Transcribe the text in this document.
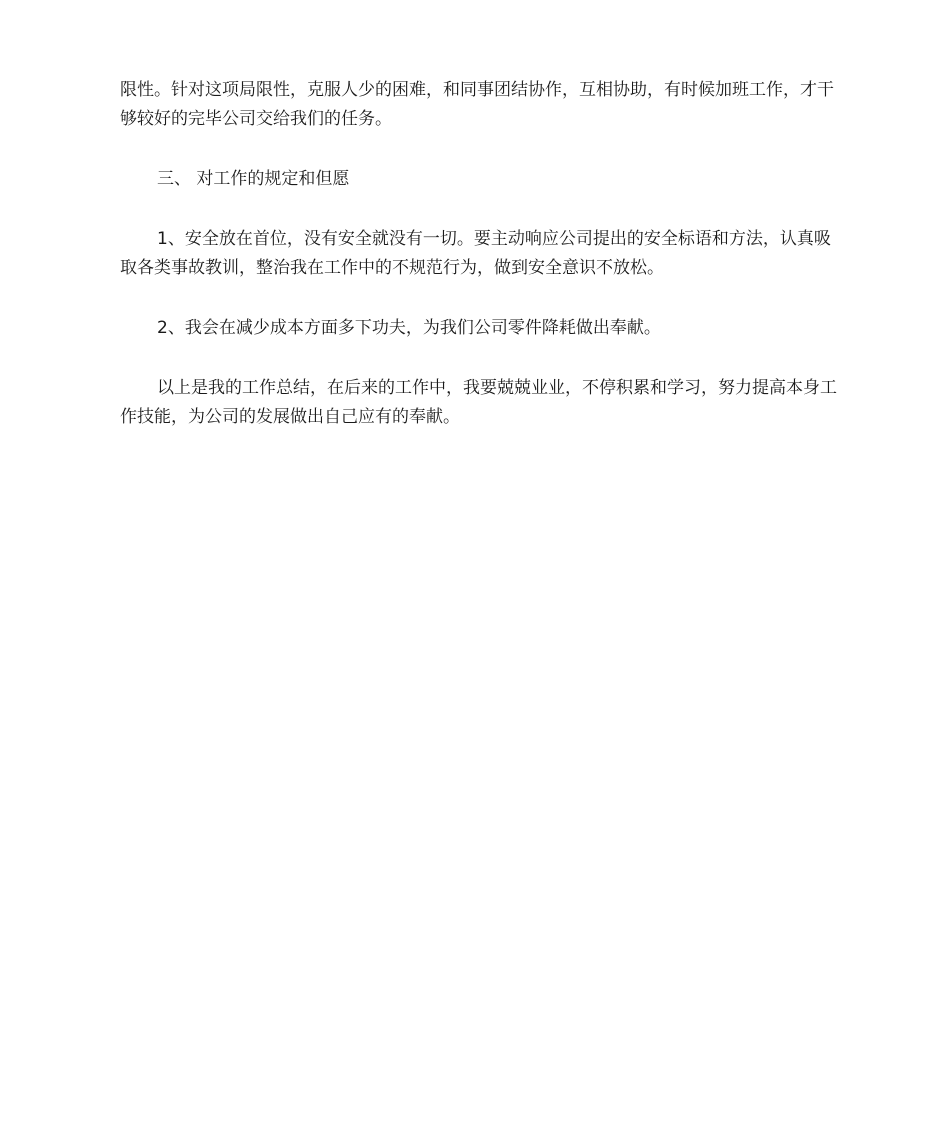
限性。针对这项局限性，克服人少的困难，和同事团结协作，互相协助，有时候加班工作，才干够较好的完毕公司交给我们的任务。

三、 对工作的规定和但愿

1、安全放在首位，没有安全就没有一切。要主动响应公司提出的安全标语和方法，认真吸取各类事故教训，整治我在工作中的不规范行为，做到安全意识不放松。

2、我会在减少成本方面多下功夫，为我们公司零件降耗做出奉献。

以上是我的工作总结，在后来的工作中，我要兢兢业业，不停积累和学习，努力提高本身工作技能，为公司的发展做出自己应有的奉献。
